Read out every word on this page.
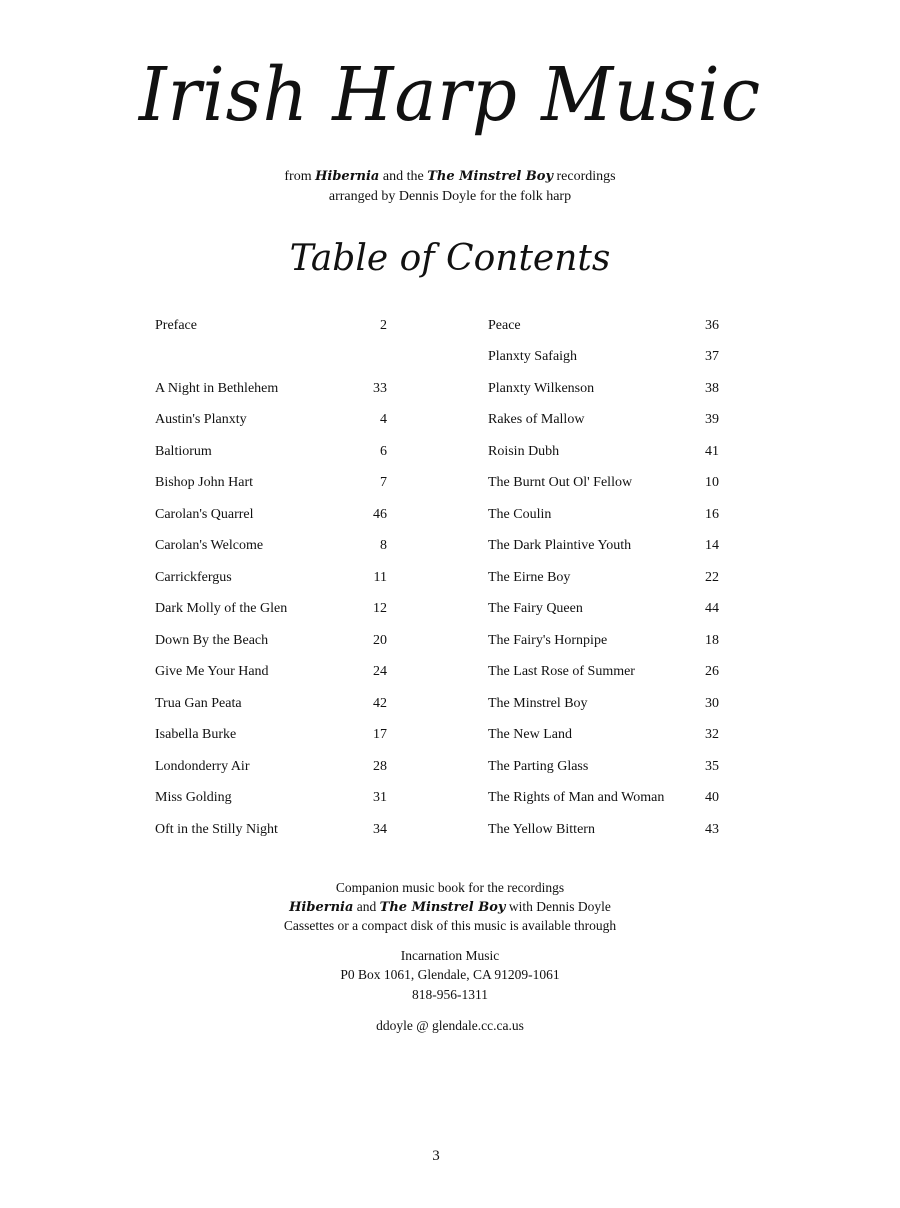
Irish Harp Music
from Hibernia and the The Minstrel Boy recordings
arranged by Dennis Doyle for the folk harp
Table of Contents
Preface	2
A Night in Bethlehem	33
Austin's Planxty	4
Baltiorum	6
Bishop John Hart	7
Carolan's Quarrel	46
Carolan's Welcome	8
Carrickfergus	11
Dark Molly of the Glen	12
Down By the Beach	20
Give Me Your Hand	24
Trua Gan Peata	42
Isabella Burke	17
Londonderry Air	28
Miss Golding	31
Oft in the Stilly Night	34
Peace	36
Planxty Safaigh	37
Planxty Wilkenson	38
Rakes of Mallow	39
Roisin Dubh	41
The Burnt Out Ol' Fellow	10
The Coulin	16
The Dark Plaintive Youth	14
The Eirne Boy	22
The Fairy Queen	44
The Fairy's Hornpipe	18
The Last Rose of Summer	26
The Minstrel Boy	30
The New Land	32
The Parting Glass	35
The Rights of Man and Woman	40
The Yellow Bittern	43
Companion music book for the recordings
Hibernia and The Minstrel Boy with Dennis Doyle
Cassettes or a compact disk of this music is available through
Incarnation Music
P0 Box 1061, Glendale, CA 91209-1061
818-956-1311
ddoyle @ glendale.cc.ca.us
3
